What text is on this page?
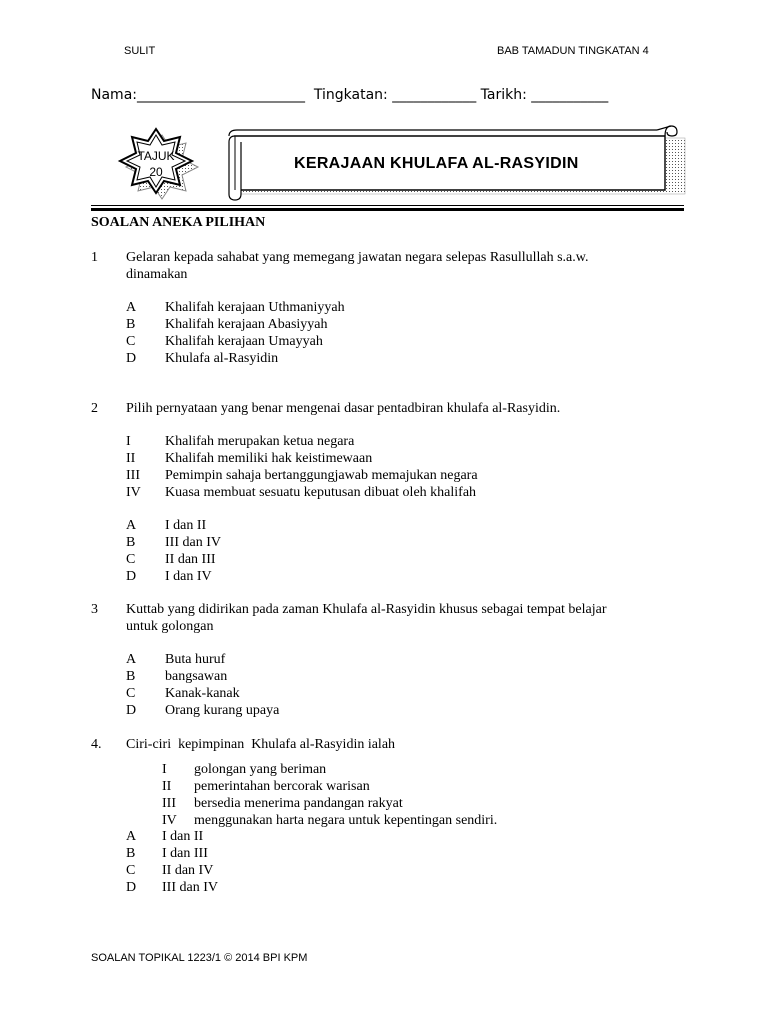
SULIT	BAB TAMADUN TINGKATAN 4
Nama:________________________  Tingkatan: ____________ Tarikh: ___________
TAJUK
20	KERAJAAN KHULAFA AL-RASYIDIN
SOALAN ANEKA PILIHAN
1 Gelaran kepada sahabat yang memegang jawatan negara selepas Rasullullah s.a.w.
dinamakan
A Khalifah kerajaan Uthmaniyyah
B Khalifah kerajaan Abasiyyah
C Khalifah kerajaan Umayyah
D Khulafa al-Rasyidin
2 Pilih pernyataan yang benar mengenai dasar pentadbiran khulafa al-Rasyidin.
I Khalifah merupakan ketua negara
II Khalifah memiliki hak keistimewaan
III Pemimpin sahaja bertanggungjawab memajukan negara
IV Kuasa membuat sesuatu keputusan dibuat oleh khalifah
A I dan II
B III dan IV
C II dan III
D I dan IV
3 Kuttab yang didirikan pada zaman Khulafa al-Rasyidin khusus sebagai tempat belajar
untuk golongan
A Buta huruf
B bangsawan
C Kanak-kanak
D Orang kurang upaya
4. Ciri-ciri  kepimpinan  Khulafa al-Rasyidin ialah
I golongan yang beriman
II pemerintahan bercorak warisan
III bersedia menerima pandangan rakyat
IV menggunakan harta negara untuk kepentingan sendiri.
A I dan II
B I dan III
C II dan IV
D III dan IV
SOALAN TOPIKAL 1223/1 © 2014 BPI KPM
